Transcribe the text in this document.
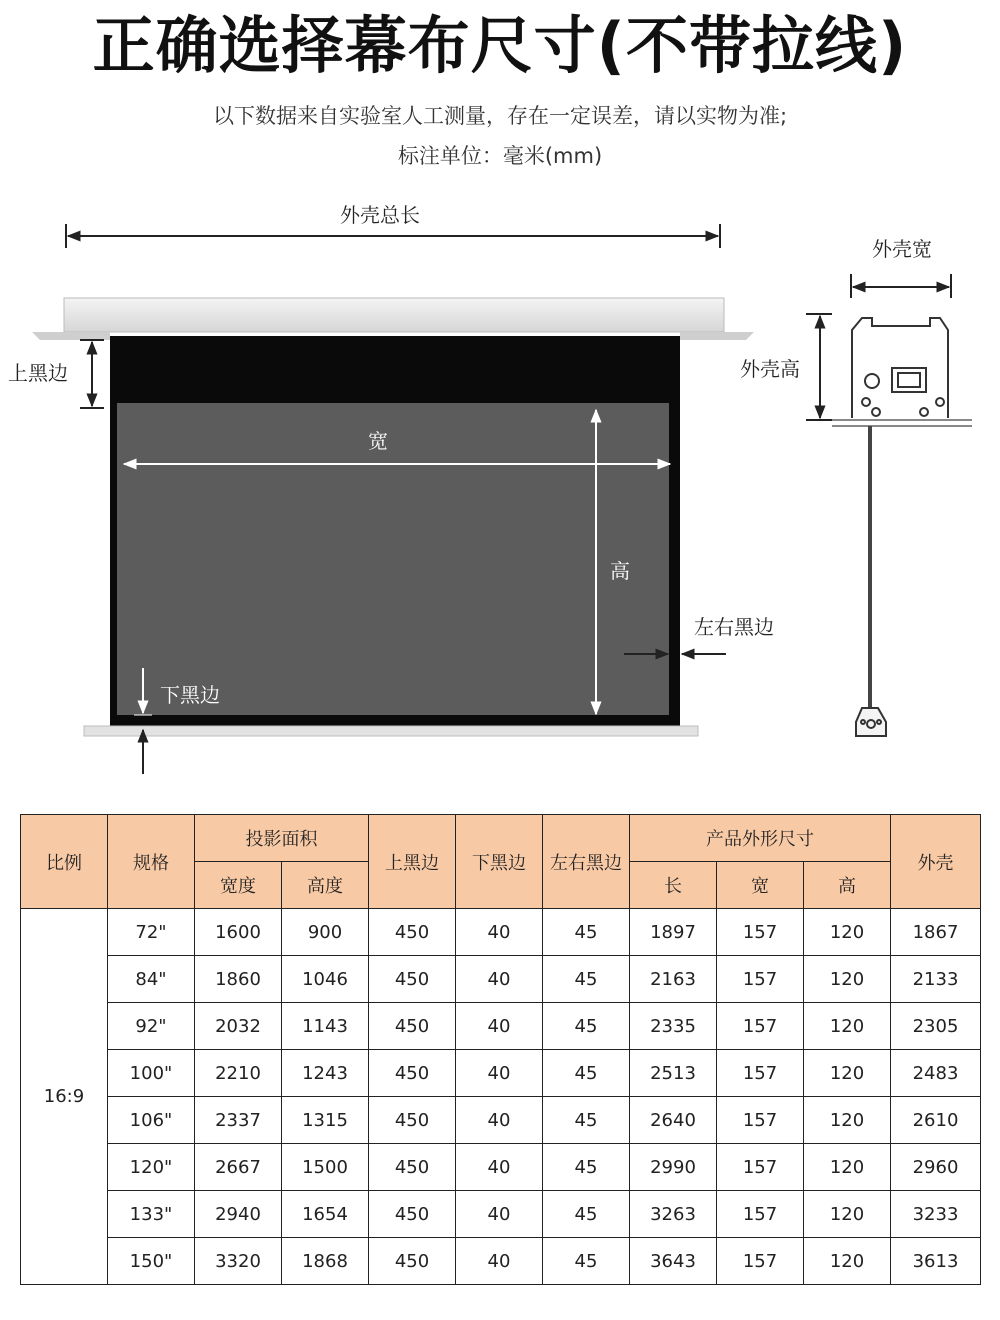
正确选择幕布尺寸(不带拉线)
以下数据来自实验室人工测量，存在一定误差，请以实物为准;
标注单位：毫米(mm)
外壳总长
上黑边
宽
高
左右黑边
下黑边
外壳宽
外壳高
比例	规格	投影面积		上黑边	下黑边	左右黑边	产品外形尺寸			外壳
		宽度	高度				长	宽	高	
16:9	72"	1600	900	450	40	45	1897	157	120	1867
	84"	1860	1046	450	40	45	2163	157	120	2133
	92"	2032	1143	450	40	45	2335	157	120	2305
	100"	2210	1243	450	40	45	2513	157	120	2483
	106"	2337	1315	450	40	45	2640	157	120	2610
	120"	2667	1500	450	40	45	2990	157	120	2960
	133"	2940	1654	450	40	45	3263	157	120	3233
	150"	3320	1868	450	40	45	3643	157	120	3613
